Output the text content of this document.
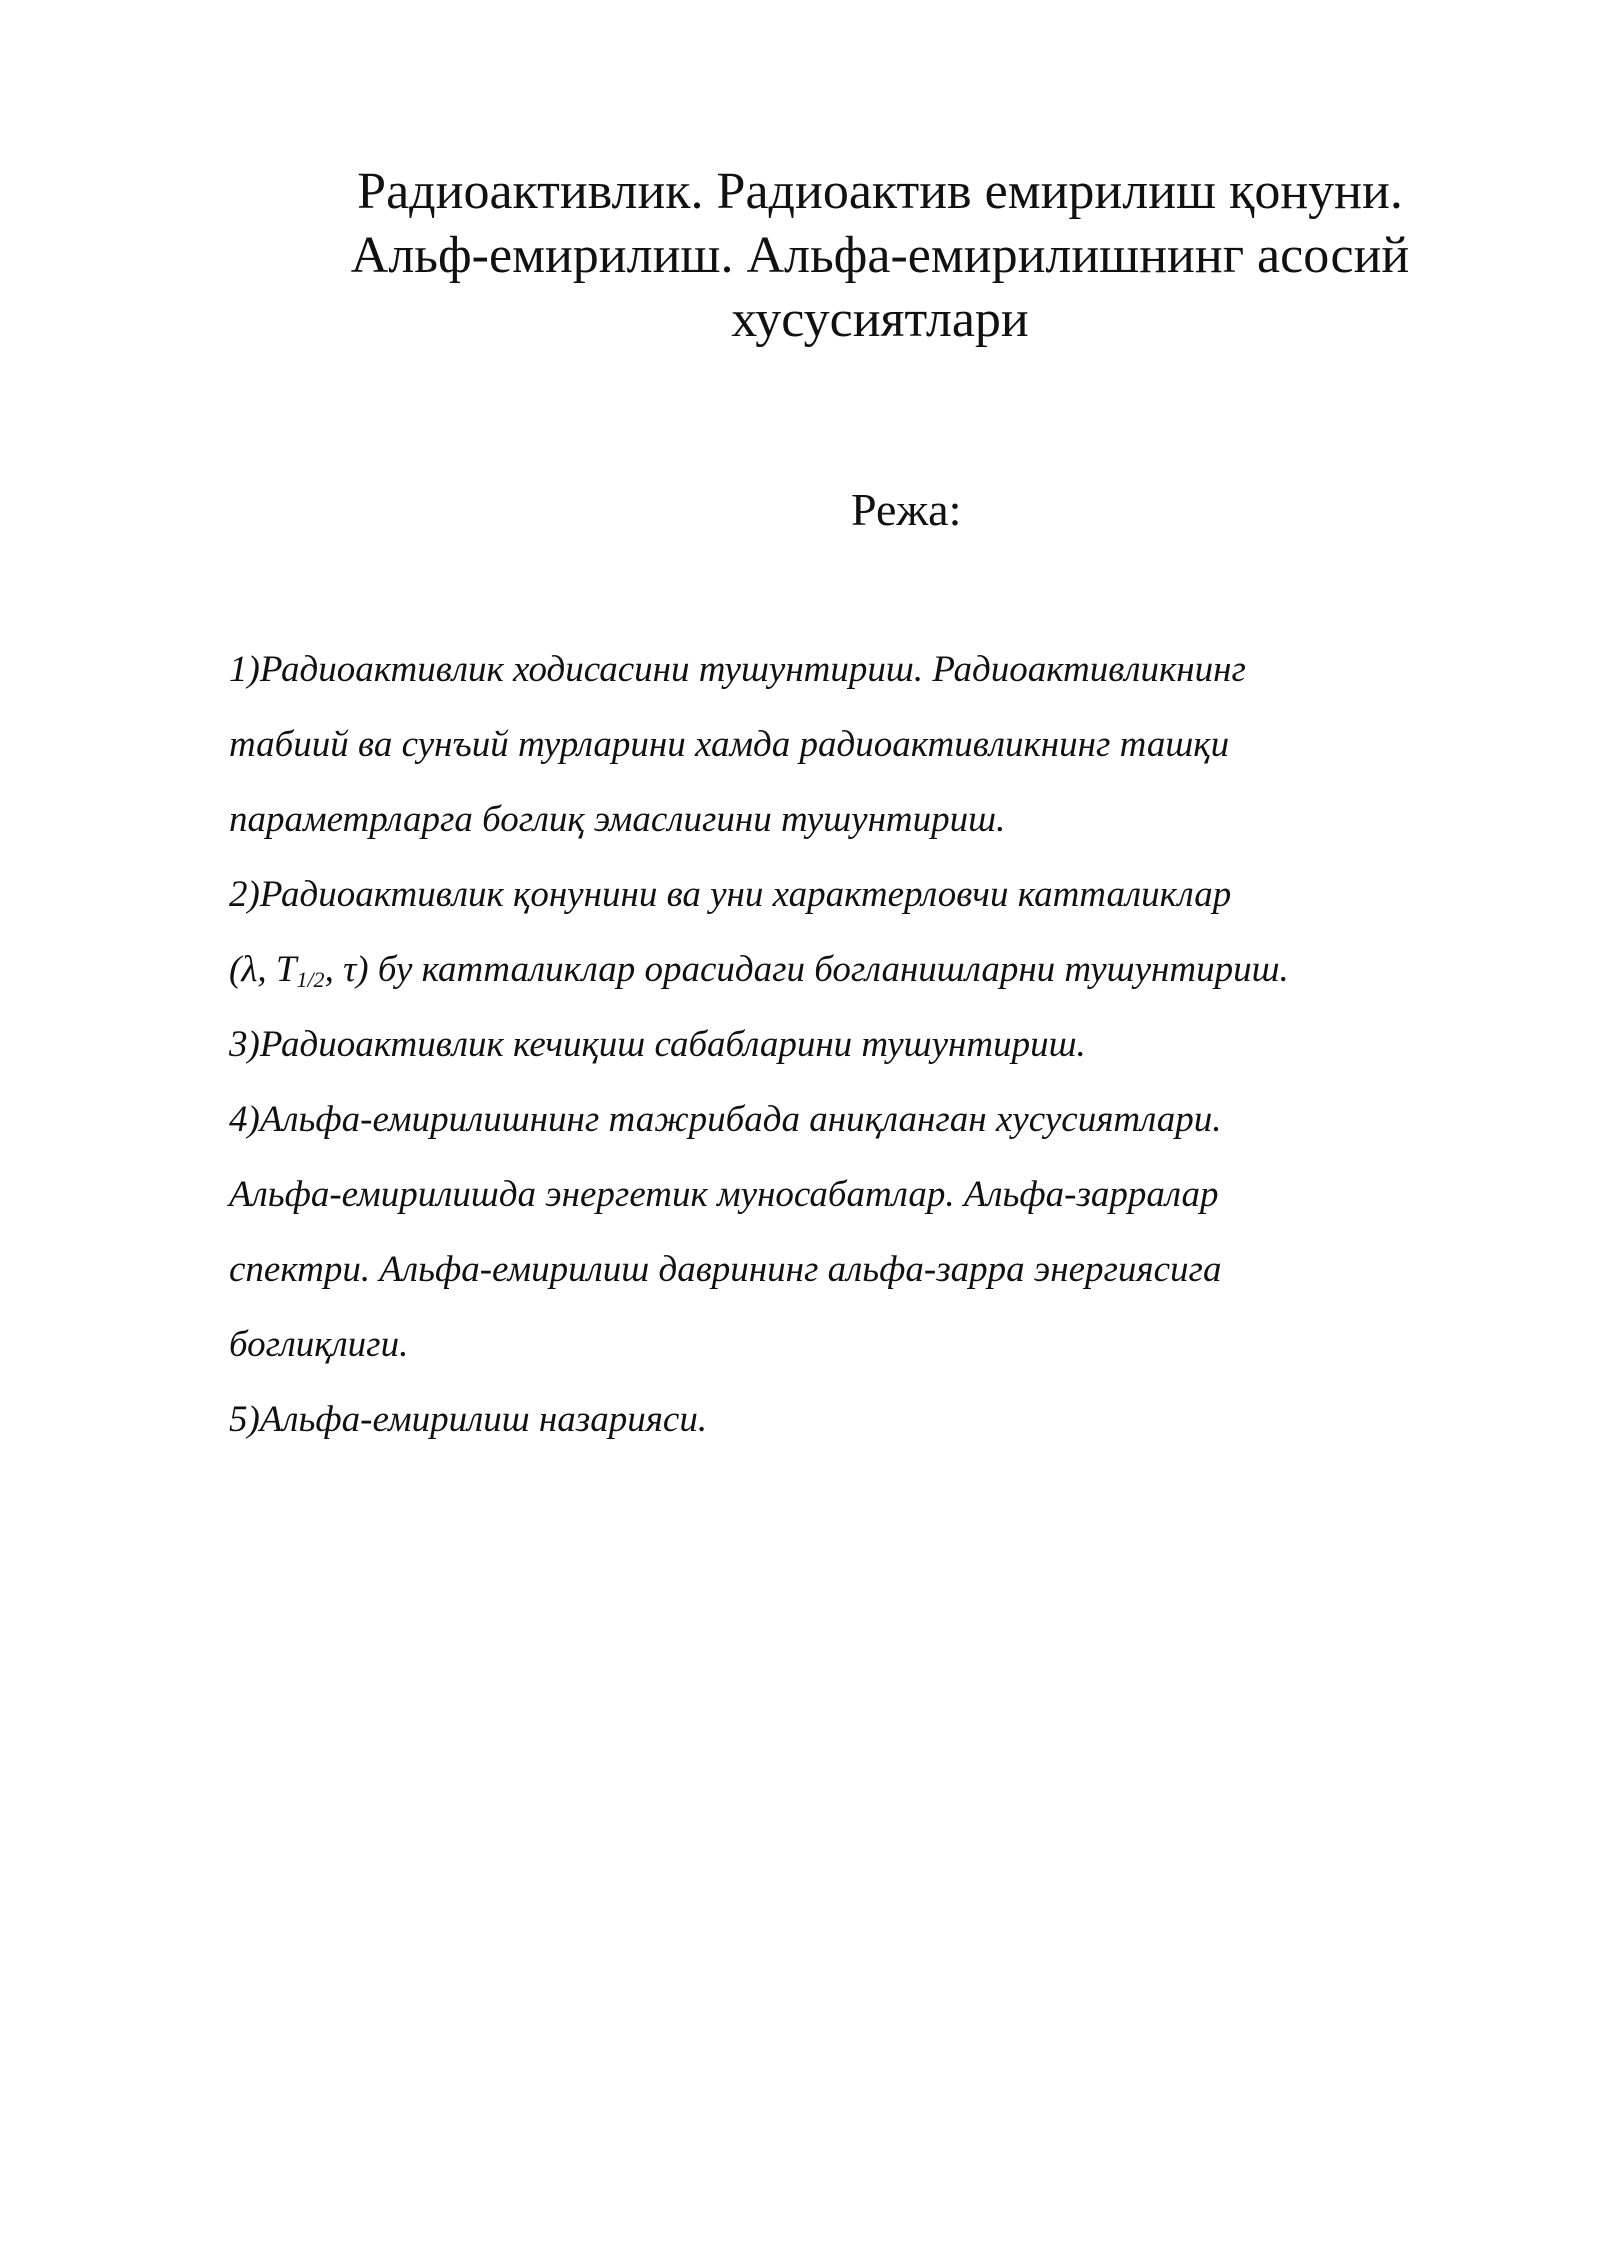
Радиоактивлик. Радиоактив емирилиш қонуни.
Альф-емирилиш. Альфа-емирилишнинг асосий
хусусиятлари
Режа:
1)Радиоактивлик ходисасини тушунтириш. Радиоактивликнинг
табиий ва сунъий турларини хамда радиоактивликнинг ташқи
параметрларга боглиқ эмаслигини тушунтириш.
2)Радиоактивлик қонунини ва уни характерловчи катталиклар
(λ, $T_{1/2}$, τ) бу катталиклар орасидаги богланишларни тушунтириш.
3)Радиоактивлик кечиқиш сабабларини тушунтириш.
4)Альфа-емирилишнинг тажрибада аниқланган хусусиятлари.
Альфа-емирилишда энергетик муносабатлар. Альфа-зарралар
спектри. Альфа-емирилиш даврининг альфа-зарра энергиясига
боглиқлиги.
5)Альфа-емирилиш назарияси.
